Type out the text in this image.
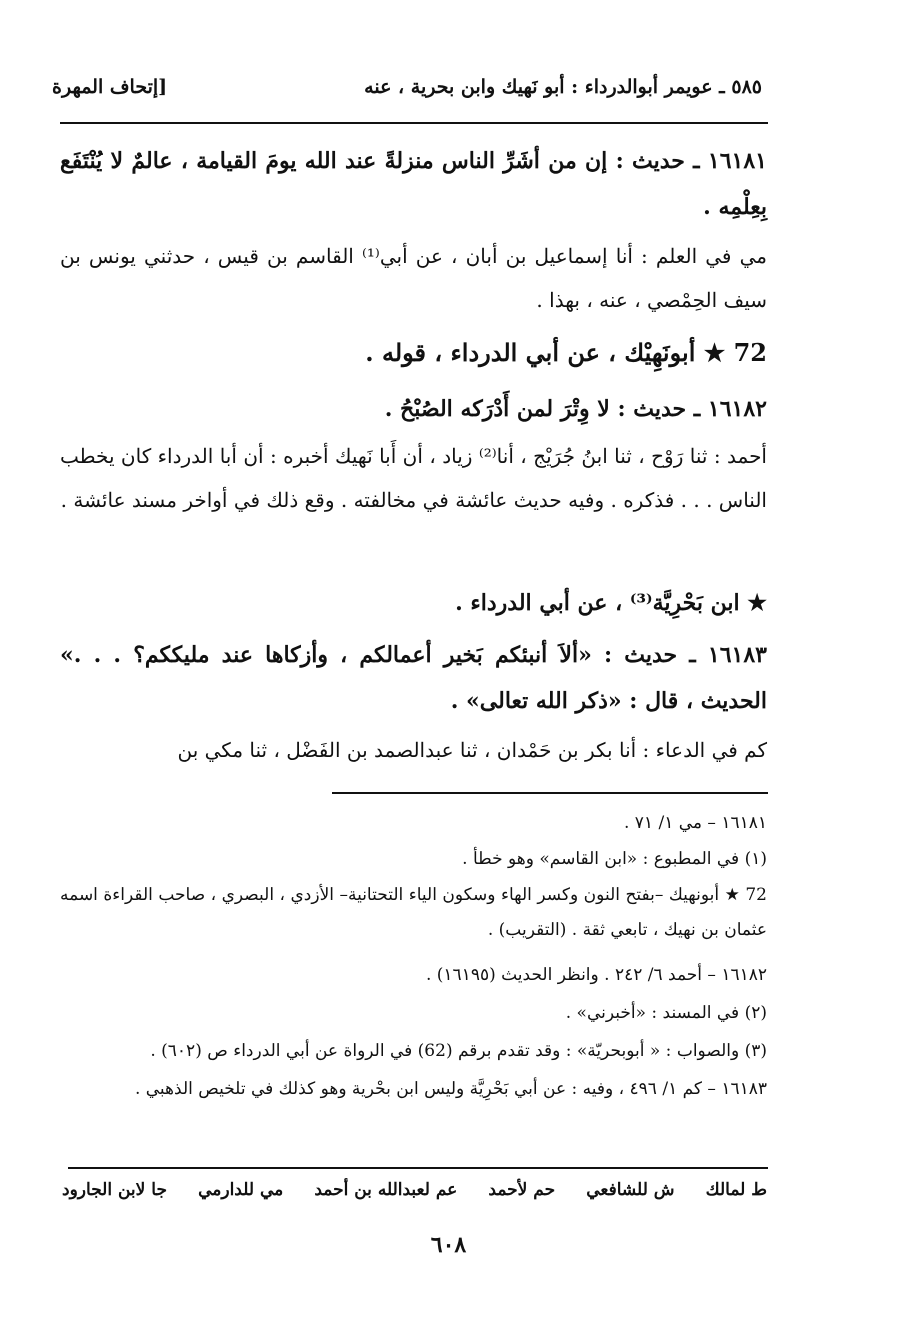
[إتحاف المهرة	٥٨٥ ـ عويمر أبوالدرداء : أبو نَهيك وابن بحرية ، عنه
١٦١٨١ ـ حديث : إن من أشَرِّ الناس منزلةً عند الله يومَ القيامة ، عالمٌ لا يُنْتَفَع بِعِلْمِه .
مي في العلم : أنا إسماعيل بن أبان ، عن أبي⁽¹⁾ القاسم بن قيس ، حدثني يونس بن سيف الحِمْصي ، عنه ، بهذا .
72 ★ أبونَهِيْك ، عن أبي الدرداء ، قوله .
١٦١٨٢ ـ حديث : لا وِتْرَ لمن أَدْرَكه الصُبْحُ .
أحمد : ثنا رَوْح ، ثنا ابنُ جُرَيْج ، أنا⁽²⁾ زياد ، أن أَبا نَهيك أخبره : أن أبا الدرداء كان يخطب الناس . . . فذكره . وفيه حديث عائشة في مخالفته . وقع ذلك في أواخر مسند عائشة .
★ ابن بَحْرِيَّة⁽³⁾ ، عن أبي الدرداء .
١٦١٨٣ ـ حديث : «ألاَ أنبئكم بَخير أعمالكم ، وأزكاها عند مليككم؟ . . .» الحديث ، قال : «ذكر الله تعالى» .
كم في الدعاء : أنا بكر بن حَمْدان ، ثنا عبدالصمد بن الفَضْل ، ثنا مكي بن
١٦١٨١ – مي ١/ ٧١ .
(١) في المطبوع : «ابن القاسم» وهو خطأ .
72 ★ أبونهيك –بفتح النون وكسر الهاء وسكون الياء التحتانية– الأزدي ، البصري ، صاحب القراءة اسمه عثمان بن نهيك ، تابعي ثقة . (التقريب) .
١٦١٨٢ – أحمد ٦/ ٢٤٢ . وانظر الحديث (١٦١٩٥) .
(٢) في المسند : «أخبرني» .
(٣) والصواب : « أبوبحريّة» : وقد تقدم برقم (62) في الرواة عن أبي الدرداء ص (٦٠٢) .
١٦١٨٣ – كم ١/ ٤٩٦ ، وفيه : عن أبي بَحْرِيَّة وليس ابن بحْرية وهو كذلك في تلخيص الذهبي .
ط لمالك
ش للشافعي
حم لأحمد
عم لعبدالله بن أحمد
مي للدارمي
جا لابن الجارود
٦٠٨
